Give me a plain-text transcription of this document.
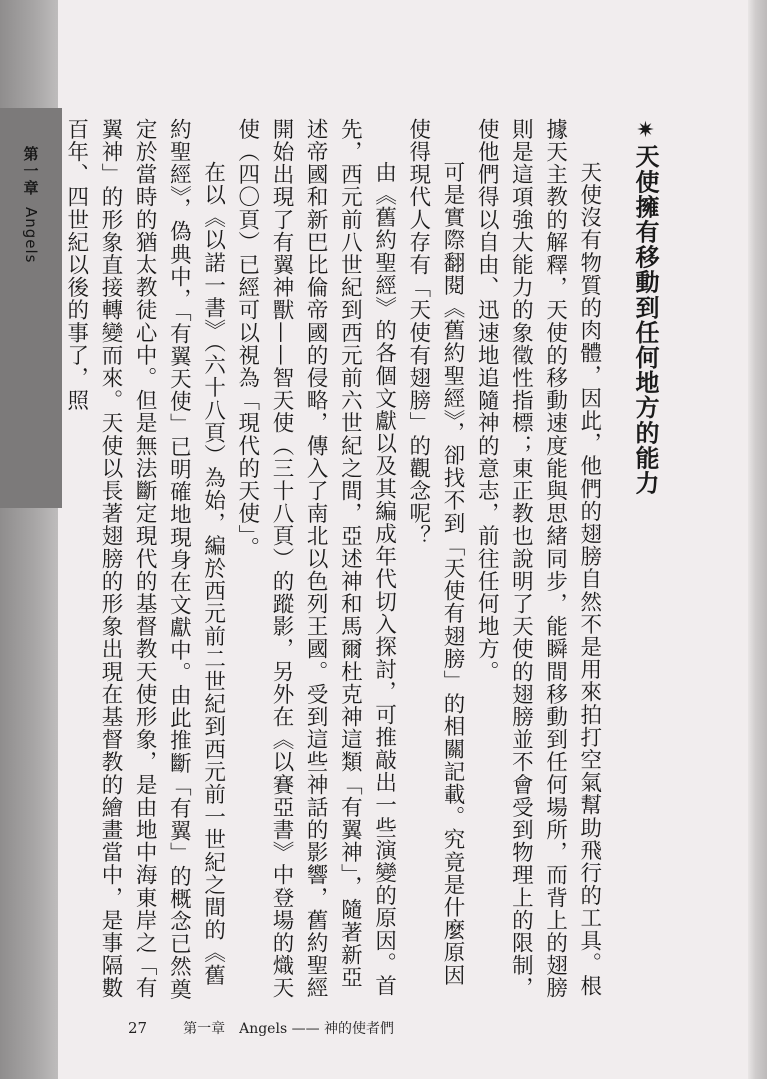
第一章
Angels
✷天使擁有移動到任何地方的能力

天使沒有物質的肉體，因此，他們的翅膀自然不是用來拍打空氣幫助飛行的工具。根據天主教的解釋，天使的移動速度能與思緒同步，能瞬間移動到任何場所，而背上的翅膀則是這項強大能力的象徵性指標；東正教也說明了天使的翅膀並不會受到物理上的限制，使他們得以自由、迅速地追隨神的意志，前往任何地方。

可是實際翻閱《舊約聖經》，卻找不到「天使有翅膀」的相關記載。究竟是什麼原因使得現代人存有「天使有翅膀」的觀念呢？

由《舊約聖經》的各個文獻以及其編成年代切入探討，可推敲出一些演變的原因。首先，西元前八世紀到西元前六世紀之間，亞述神和馬爾杜克神這類「有翼神」，隨著新亞述帝國和新巴比倫帝國的侵略，傳入了南北以色列王國。受到這些神話的影響，舊約聖經開始出現了有翼神獸——智天使（三十八頁）的蹤影，另外在《以賽亞書》中登場的熾天使（四〇頁）已經可以視為「現代的天使」。

在以《以諾一書》（六十八頁）為始，編於西元前二世紀到西元前一世紀之間的《舊約聖經》，偽典中，「有翼天使」已明確地現身在文獻中。由此推斷「有翼」的概念已然奠定於當時的猶太教徒心中。但是無法斷定現代的基督教天使形象，是由地中海東岸之「有翼神」的形象直接轉變而來。天使以長著翅膀的形象出現在基督教的繪畫當中，是事隔數百年、四世紀以後的事了，照

27	第一章　Angels —— 神的使者們
